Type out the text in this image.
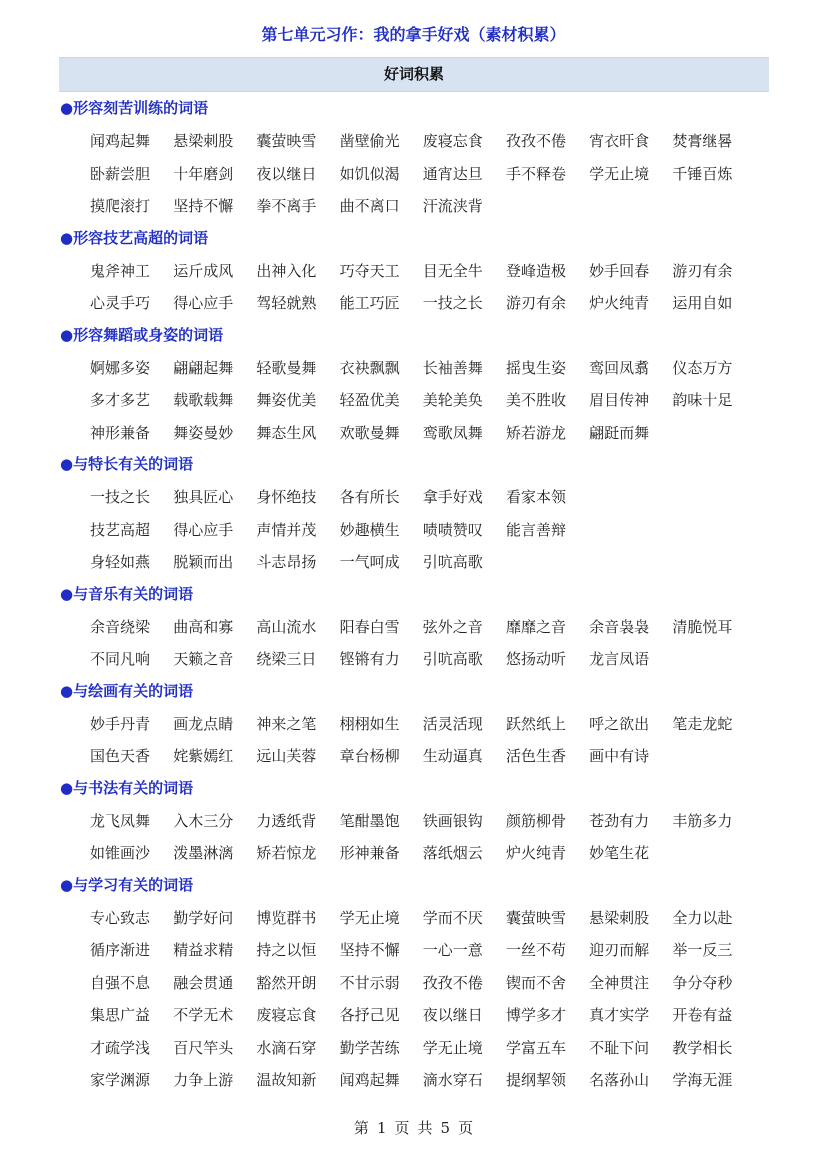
第七单元习作：我的拿手好戏（素材积累）
好词积累
●形容刻苦训练的词语
闻鸡起舞 悬梁刺股 囊萤映雪 凿壁偷光 废寝忘食 孜孜不倦 宵衣旰食 焚膏继晷
卧薪尝胆 十年磨剑 夜以继日 如饥似渴 通宵达旦 手不释卷 学无止境 千锤百炼
摸爬滚打 坚持不懈 拳不离手 曲不离口 汗流浃背
●形容技艺高超的词语
鬼斧神工 运斤成风 出神入化 巧夺天工 目无全牛 登峰造极 妙手回春 游刃有余
心灵手巧 得心应手 驾轻就熟 能工巧匠 一技之长 游刃有余 炉火纯青 运用自如
●形容舞蹈或身姿的词语
婀娜多姿 翩翩起舞 轻歌曼舞 衣袂飘飘 长袖善舞 摇曳生姿 鸾回凤翥 仪态万方
多才多艺 载歌载舞 舞姿优美 轻盈优美 美轮美奂 美不胜收 眉目传神 韵味十足
神形兼备 舞姿曼妙 舞态生风 欢歌曼舞 鸾歌凤舞 矫若游龙 翩跹而舞
●与特长有关的词语
一技之长 独具匠心 身怀绝技 各有所长 拿手好戏 看家本领
技艺高超 得心应手 声情并茂 妙趣横生 啧啧赞叹 能言善辩
身轻如燕 脱颖而出 斗志昂扬 一气呵成 引吭高歌
●与音乐有关的词语
余音绕梁 曲高和寡 高山流水 阳春白雪 弦外之音 靡靡之音 余音袅袅 清脆悦耳
不同凡响 天籁之音 绕梁三日 铿锵有力 引吭高歌 悠扬动听 龙言凤语
●与绘画有关的词语
妙手丹青 画龙点睛 神来之笔 栩栩如生 活灵活现 跃然纸上 呼之欲出 笔走龙蛇
国色天香 姹紫嫣红 远山芙蓉 章台杨柳 生动逼真 活色生香 画中有诗
●与书法有关的词语
龙飞凤舞 入木三分 力透纸背 笔酣墨饱 铁画银钩 颜筋柳骨 苍劲有力 丰筋多力
如锥画沙 泼墨淋漓 矫若惊龙 形神兼备 落纸烟云 炉火纯青 妙笔生花
●与学习有关的词语
专心致志 勤学好问 博览群书 学无止境 学而不厌 囊萤映雪 悬梁刺股 全力以赴
循序渐进 精益求精 持之以恒 坚持不懈 一心一意 一丝不苟 迎刃而解 举一反三
自强不息 融会贯通 豁然开朗 不甘示弱 孜孜不倦 锲而不舍 全神贯注 争分夺秒
集思广益 不学无术 废寝忘食 各抒己见 夜以继日 博学多才 真才实学 开卷有益
才疏学浅 百尺竿头 水滴石穿 勤学苦练 学无止境 学富五车 不耻下问 教学相长
家学渊源 力争上游 温故知新 闻鸡起舞 滴水穿石 提纲挈领 名落孙山 学海无涯
第 1 页 共 5 页
